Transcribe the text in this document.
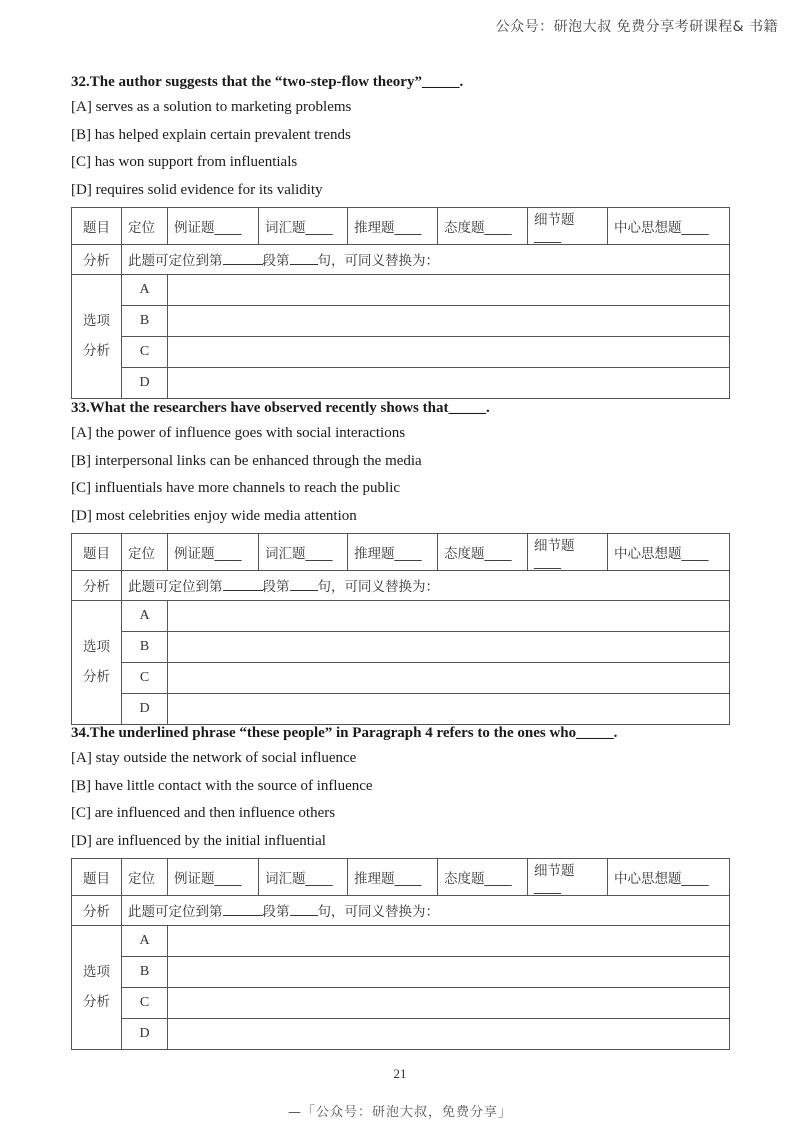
公众号：研泡大叔 免费分享考研课程& 书籍

32.The author suggests that the “two-step-flow theory”_____.

[A] serves as a solution to marketing problems

[B] has helped explain certain prevalent trends

[C] has won support from influentials

[D] requires solid evidence for its validity

题目	定位	例证题____	词汇题____	推理题____	态度题____	细节题____	中心思想题____
分析	此题可定位到第 段第 句，可同义替换为：						
选项
分析	A						
	B						
	C						
	D						

33.What the researchers have observed recently shows that_____.

[A] the power of influence goes with social interactions

[B] interpersonal links can be enhanced through the media

[C] influentials have more channels to reach the public

[D] most celebrities enjoy wide media attention

题目	定位	例证题____	词汇题____	推理题____	态度题____	细节题____	中心思想题____
分析	此题可定位到第 段第 句，可同义替换为：						
选项
分析	A						
	B						
	C						
	D						

34.The underlined phrase “these people” in Paragraph 4 refers to the ones who_____.

[A] stay outside the network of social influence

[B] have little contact with the source of influence

[C] are influenced and then influence others

[D] are influenced by the initial influential

题目	定位	例证题____	词汇题____	推理题____	态度题____	细节题____	中心思想题____
分析	此题可定位到第 段第 句，可同义替换为：						
选项
分析	A						
	B						
	C						
	D						
21
—「公众号：研泡大叔，免费分享」
